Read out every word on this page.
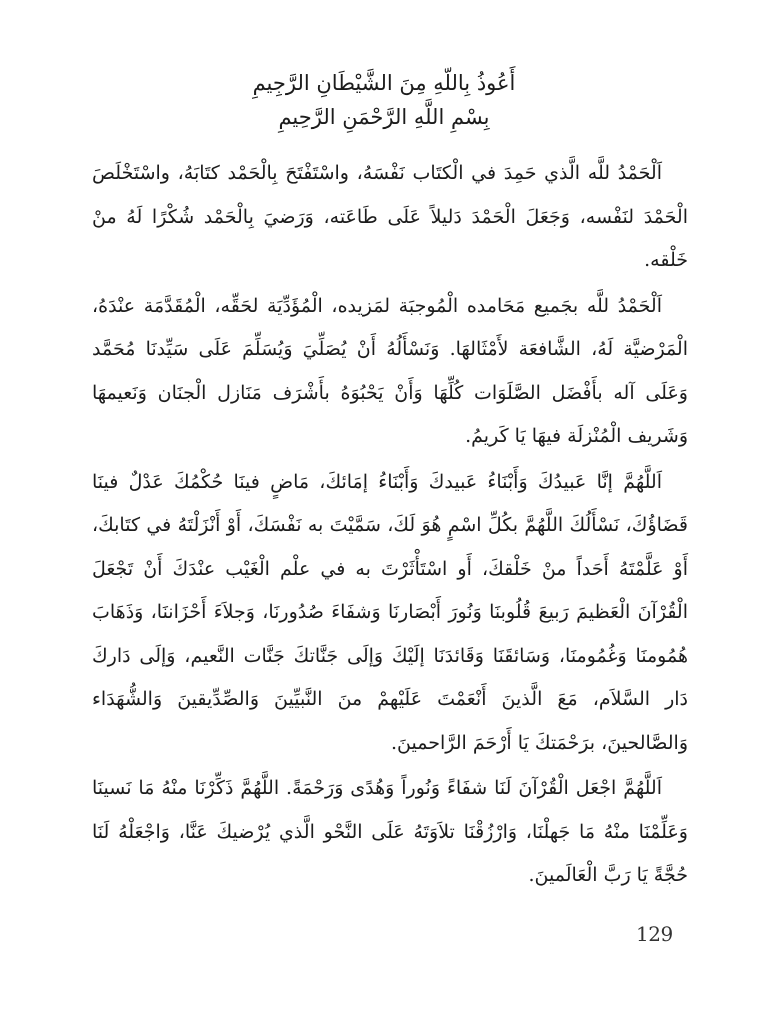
أَعُوذُ بِاللّهِ مِنَ الشَّيْطَانِ الرَّجِيمِ
بِسْمِ اللَّهِ الرَّحْمَنِ الرَّحِيمِ

اَلْحَمْدُ للَّه الَّذي حَمِدَ في الْكتَاب نَفْسَهُ، واسْتَفْتَحَ بِالْحَمْد كتَابَهُ، واسْتَخْلَصَ الْحَمْدَ لنَفْسه، وَجَعَلَ الْحَمْدَ دَليلاً عَلَى طَاعَته، وَرَضيَ بِالْحَمْد شُكْرًا لَهُ منْ خَلْقه.

اَلْحَمْدُ للَّه بجَميع مَحَامده الْمُوجبَة لمَزيده، الْمُؤَدِّيَة لحَقِّه، الْمُقَدَّمَة عنْدَهُ، الْمَرْضيَّة لَهُ، الشَّافعَة لأَمْثَالهَا. وَنَسْأَلُهُ أَنْ يُصَلِّيَ وَيُسَلِّمَ عَلَى سَيِّدنَا مُحَمَّد وَعَلَى آله بأَفْضَل الصَّلَوَات كُلِّهَا وَأَنْ يَحْبُوَهُ بأَشْرَف مَنَازل الْجنَان وَنَعيمهَا وَشَريف الْمُنْزلَة فيهَا يَا كَريمُ.

اَللَّهُمَّ إنَّا عَبيدُكَ وَأَبْنَاءُ عَبيدكَ وَأَبْنَاءُ إمَائكَ، مَاضٍ فينَا حُكْمُكَ عَدْلٌ فينَا قَضَاؤُكَ، نَسْأَلُكَ اللَّهُمَّ بكُلِّ اسْمٍ هُوَ لَكَ، سَمَّيْتَ به نَفْسَكَ، أَوْ أَنْزَلْتَهُ في كتَابكَ، أَوْ عَلَّمْتَهُ أَحَداً منْ خَلْقكَ، أَو اسْتَأْثَرْتَ به في علْم الْغَيْب عنْدَكَ أَنْ تَجْعَلَ الْقُرْآنَ الْعَظيمَ رَبيعَ قُلُوبنَا وَنُورَ أَبْصَارنَا وَشفَاءَ صُدُورنَا، وَجلاَءَ أَحْزَاننَا، وَذَهَابَ هُمُومنَا وَغُمُومنَا، وَسَائقَنَا وَقَائدَنَا إلَيْكَ وَإلَى جَنَّاتكَ جَنَّات النَّعيم، وَإلَى دَاركَ دَار السَّلاَم، مَعَ الَّذينَ أَنْعَمْتَ عَلَيْهمْ منَ النَّبيِّينَ وَالصِّدِّيقينَ وَالشُّهَدَاء وَالصَّالحينَ، برَحْمَتكَ يَا أَرْحَمَ الرَّاحمينَ.

اَللَّهُمَّ اجْعَل الْقُرْآنَ لَنَا شفَاءً وَنُوراً وَهُدًى وَرَحْمَةً. اللَّهُمَّ ذَكِّرْنَا منْهُ مَا نَسينَا وَعَلِّمْنَا منْهُ مَا جَهلْنَا، وَارْزُقْنَا تلاَوَتَهُ عَلَى النَّحْو الَّذي يُرْضيكَ عَنَّا، وَاجْعَلْهُ لَنَا حُجَّةً يَا رَبَّ الْعَالَمينَ.

129
